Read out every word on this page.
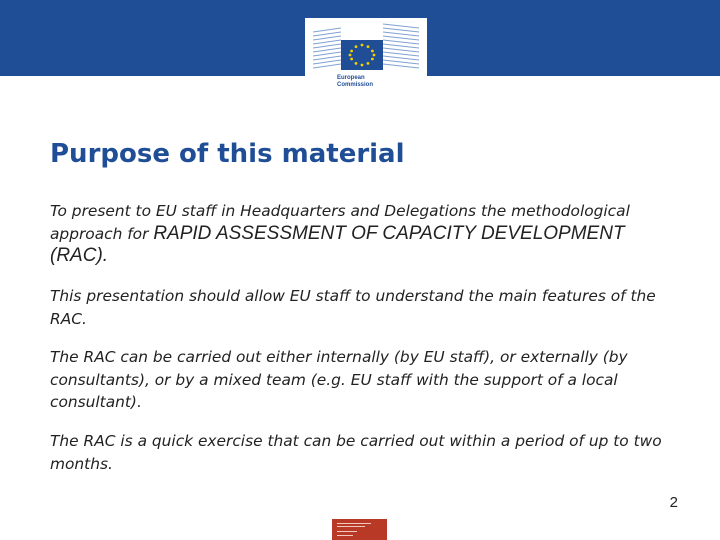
European
Commission
Purpose of this material

To present to EU staff in Headquarters and Delegations the methodological approach for RAPID ASSESSMENT OF CAPACITY DEVELOPMENT (RAC).

This presentation should allow EU staff to understand the main features of the RAC.

The RAC can be carried out either internally (by EU staff), or externally (by consultants), or by a mixed team (e.g. EU staff with the support of a local consultant).

The RAC is a quick exercise that can be carried out within a period of up to two months.

2
